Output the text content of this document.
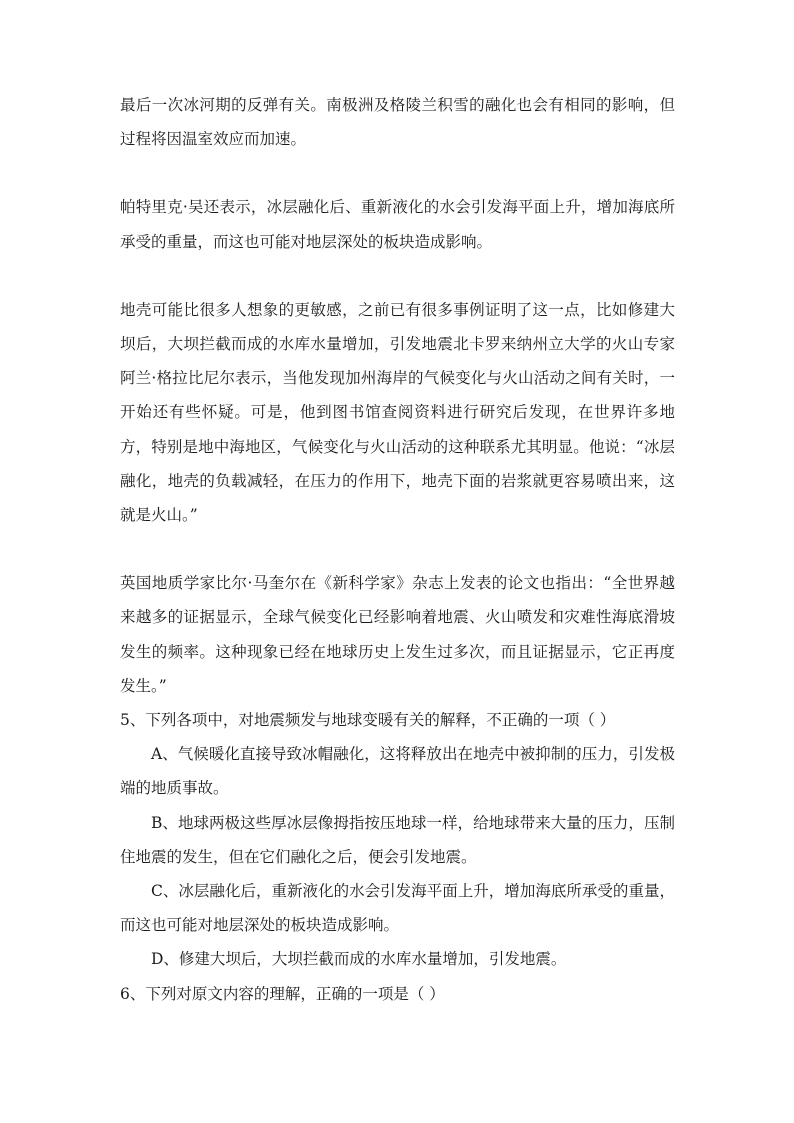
最后一次冰河期的反弹有关。南极洲及格陵兰积雪的融化也会有相同的影响，但过程将因温室效应而加速。

帕特里克·吴还表示，冰层融化后、重新液化的水会引发海平面上升，增加海底所承受的重量，而这也可能对地层深处的板块造成影响。

地壳可能比很多人想象的更敏感，之前已有很多事例证明了这一点，比如修建大坝后，大坝拦截而成的水库水量增加，引发地震北卡罗来纳州立大学的火山专家阿兰·格拉比尼尔表示，当他发现加州海岸的气候变化与火山活动之间有关时，一开始还有些怀疑。可是，他到图书馆查阅资料进行研究后发现，在世界许多地方，特别是地中海地区，气候变化与火山活动的这种联系尤其明显。他说：“冰层融化，地壳的负载减轻，在压力的作用下，地壳下面的岩浆就更容易喷出来，这就是火山。”

英国地质学家比尔·马奎尔在《新科学家》杂志上发表的论文也指出：“全世界越来越多的证据显示，全球气候变化已经影响着地震、火山喷发和灾难性海底滑坡发生的频率。这种现象已经在地球历史上发生过多次，而且证据显示，它正再度发生。”

5、下列各项中，对地震频发与地球变暖有关的解释，不正确的一项（ ）

A、气候暖化直接导致冰帽融化，这将释放出在地壳中被抑制的压力，引发极端的地质事故。

B、地球两极这些厚冰层像拇指按压地球一样，给地球带来大量的压力，压制住地震的发生，但在它们融化之后，便会引发地震。

C、冰层融化后，重新液化的水会引发海平面上升，增加海底所承受的重量，而这也可能对地层深处的板块造成影响。

D、修建大坝后，大坝拦截而成的水库水量增加，引发地震。

6、下列对原文内容的理解，正确的一项是（ ）
